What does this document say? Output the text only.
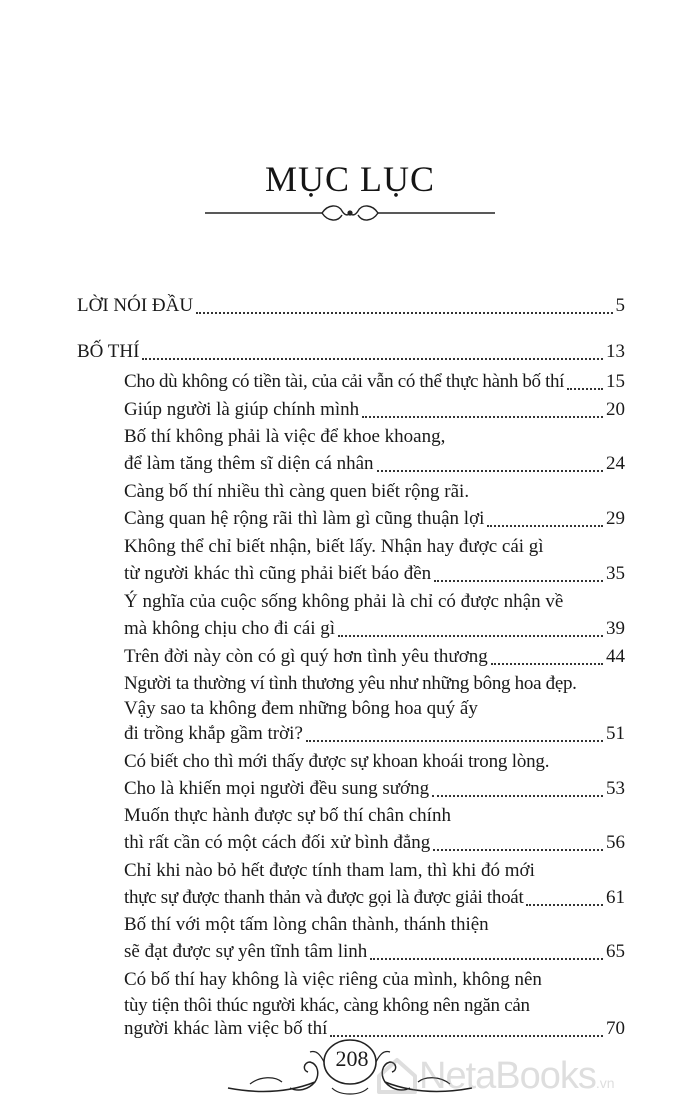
MỤC LỤC
LỜI NÓI ĐẦU	5
BỐ THÍ	13
Cho dù không có tiền tài, của cải vẫn có thể thực hành bố thí 15
Giúp người là giúp chính mình	20
Bố thí không phải là việc để khoe khoang,
để làm tăng thêm sĩ diện cá nhân	24
Càng bố thí nhiều thì càng quen biết rộng rãi.
Càng quan hệ rộng rãi thì làm gì cũng thuận lợi	29
Không thể chỉ biết nhận, biết lấy. Nhận hay được cái gì
từ người khác thì cũng phải biết báo đền	35
Ý nghĩa của cuộc sống không phải là chỉ có được nhận về
mà không chịu cho đi cái gì	39
Trên đời này còn có gì quý hơn tình yêu thương	44
Người ta thường ví tình thương yêu như những bông hoa đẹp.
Vậy sao ta không đem những bông hoa quý ấy
đi trồng khắp gầm trời?	51
Có biết cho thì mới thấy được sự khoan khoái trong lòng.
Cho là khiến mọi người đều sung sướng	53
Muốn thực hành được sự bố thí chân chính
thì rất cần có một cách đối xử bình đẳng	56
Chỉ khi nào bỏ hết được tính tham lam, thì khi đó mới
thực sự được thanh thản và được gọi là được giải thoát	61
Bố thí với một tấm lòng chân thành, thánh thiện
sẽ đạt được sự yên tĩnh tâm linh	65
Có bố thí hay không là việc riêng của mình, không nên
tùy tiện thôi thúc người khác, càng không nên ngăn cản
người khác làm việc bố thí	70
208	NetaBooks .vn
